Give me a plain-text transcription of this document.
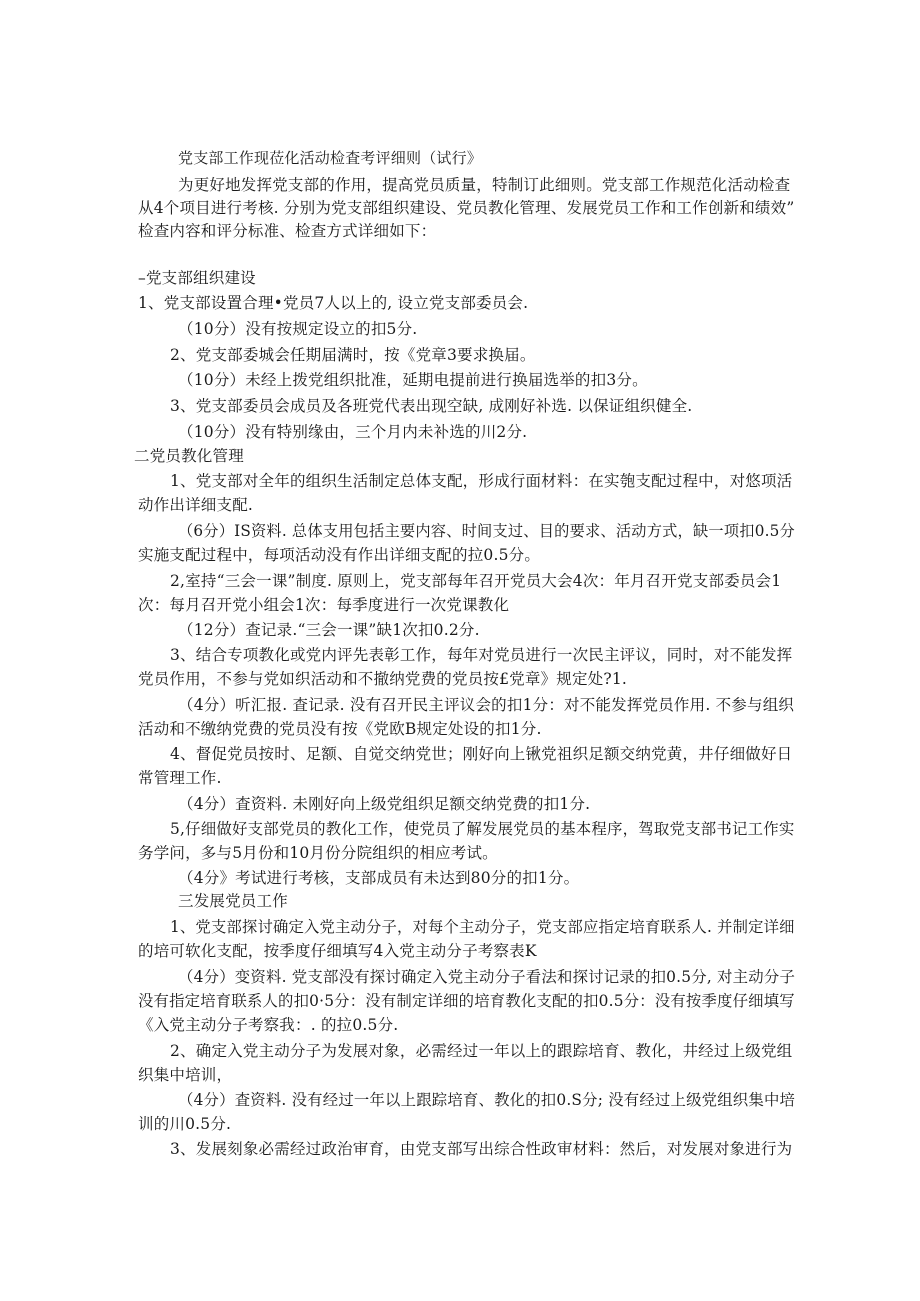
党支部工作现莅化活动检査考评细则（试行》
为更好地发挥党支部的作用，提高党员质量，特制订此细则。党支部工作规范化活动检查
从4个项目进行考核. 分别为党支部组织建设、党员教化管理、发展党员工作和工作创新和绩效”
检查内容和评分标准、检查方式详细如下：
–党支部组织建设
1、党支部设置合理•党员7人以上的, 设立党支部委员会.
（10分）没有按规定设立的扣5分.
2、党支部委城会任期届满时，按《党章3要求换届。
（10分）未经上拨党组织批准，延期电提前进行换届选举的扣3分。
3、党支部委员会成员及各班党代表出现空缺, 成刚好补选. 以保证组织健全.
（10分）没有特别缘由，三个月内未补选的川2分.
二党员教化管理
1、党支部对全年的组织生活制定总体支配，形成行面材料：在实匏支配过程中，对悠项活
动作出详细支配.
（6分）IS资料. 总体支用包括主要内容、时间支过、目的要求、活动方式，缺一项扣0.5分
实施支配过程中，每项活动没有作出详细支配的拉0.5分。
2,室持“三会一课”制度. 原则上，党支部每年召开党员大会4次：年月召开党支部委员会1
次：每月召开党小组会1次：每季度进行一次党课教化
（12分）查记录.“三会一课”缺1次扣0.2分.
3、结合专项教化或党内评先表彰工作，每年对党员进行一次民主评议，同时，对不能发挥
党员作用，不参与党如织活动和不撤纳党费的党员按£党章》规定处?1.
（4分）听汇报. 査记录. 没有召开民主评议会的扣1分：对不能发挥党员作用. 不参与组织
活动和不缴纳党费的党员没有按《党欧B规定处设的扣1分.
4、督促党员按时、足额、自觉交纳党世；刚好向上锹党祖织足额交纳党黄，井仔细做好日
常管理工作.
（4分）査资料. 未刚好向上级党组织足额交纳党费的扣1分.
5,仔细做好支部党员的教化工作，使党员了解发展党员的基本程序，驾取党支部书记工作实
务学问，多与5月份和10月份分院组织的相应考试。
（4分》考试进行考核，支部成员有未达到80分的扣1分。
三发展党员工作
1、党支部探讨确定入党主动分子，对每个主动分子，党支部应指定培育联系人. 并制定详细
的培可软化支配，按季度仔细填写4入党主动分子考察表K
（4分）变资料. 党支部没有探讨确定入党主动分子看法和探讨记录的扣0.5分, 对主动分子
没有指定培育联系人的扣0·5分：没有制定详细的培育教化支配的扣0.5分：没有按季度仔细填写
《入党主动分子考察我：. 的拉0.5分.
2、确定入党主动分子为发展对象，必需经过一年以上的跟踪培育、教化，井经过上级党组
织集中培训，
（4分）査资料. 没有经过一年以上跟踪培育、教化的扣0.S分; 没有经过上级党组织集中培
训的川0.5分.
3、发展刻象必需经过政治审育，由党支部写出综合性政审材料：然后，对发展对象进行为
